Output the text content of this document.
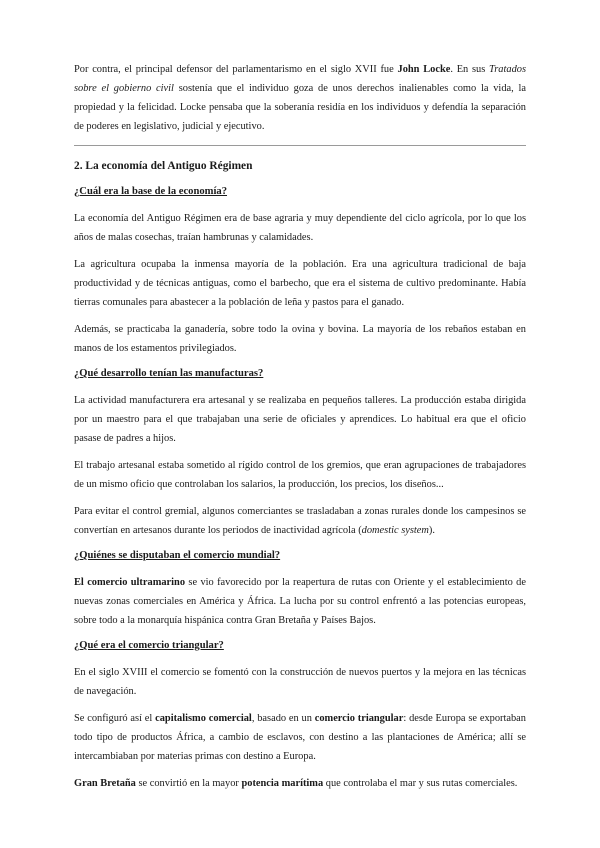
Por contra, el principal defensor del parlamentarismo en el siglo XVII fue John Locke. En sus Tratados sobre el gobierno civil sostenía que el individuo goza de unos derechos inalienables como la vida, la propiedad y la felicidad. Locke pensaba que la soberanía residía en los individuos y defendía la separación de poderes en legislativo, judicial y ejecutivo.

2. La economía del Antiguo Régimen
¿Cuál era la base de la economía?

La economía del Antiguo Régimen era de base agraria y muy dependiente del ciclo agrícola, por lo que los años de malas cosechas, traían hambrunas y calamidades.

La agricultura ocupaba la inmensa mayoría de la población. Era una agricultura tradicional de baja productividad y de técnicas antiguas, como el barbecho, que era el sistema de cultivo predominante. Había tierras comunales para abastecer a la población de leña y pastos para el ganado.

Además, se practicaba la ganadería, sobre todo la ovina y bovina. La mayoría de los rebaños estaban en manos de los estamentos privilegiados.

¿Qué desarrollo tenían las manufacturas?

La actividad manufacturera era artesanal y se realizaba en pequeños talleres. La producción estaba dirigida por un maestro para el que trabajaban una serie de oficiales y aprendices. Lo habitual era que el oficio pasase de padres a hijos.

El trabajo artesanal estaba sometido al rígido control de los gremios, que eran agrupaciones de trabajadores de un mismo oficio que controlaban los salarios, la producción, los precios, los diseños...

Para evitar el control gremial, algunos comerciantes se trasladaban a zonas rurales donde los campesinos se convertían en artesanos durante los periodos de inactividad agrícola (domestic system).

¿Quiénes se disputaban el comercio mundial?

El comercio ultramarino se vio favorecido por la reapertura de rutas con Oriente y el establecimiento de nuevas zonas comerciales en América y África. La lucha por su control enfrentó a las potencias europeas, sobre todo a la monarquía hispánica contra Gran Bretaña y Países Bajos.

¿Qué era el comercio triangular?

En el siglo XVIII el comercio se fomentó con la construcción de nuevos puertos y la mejora en las técnicas de navegación.

Se configuró así el capitalismo comercial, basado en un comercio triangular: desde Europa se exportaban todo tipo de productos África, a cambio de esclavos, con destino a las plantaciones de América; allí se intercambiaban por materias primas con destino a Europa.

Gran Bretaña se convirtió en la mayor potencia marítima que controlaba el mar y sus rutas comerciales.
